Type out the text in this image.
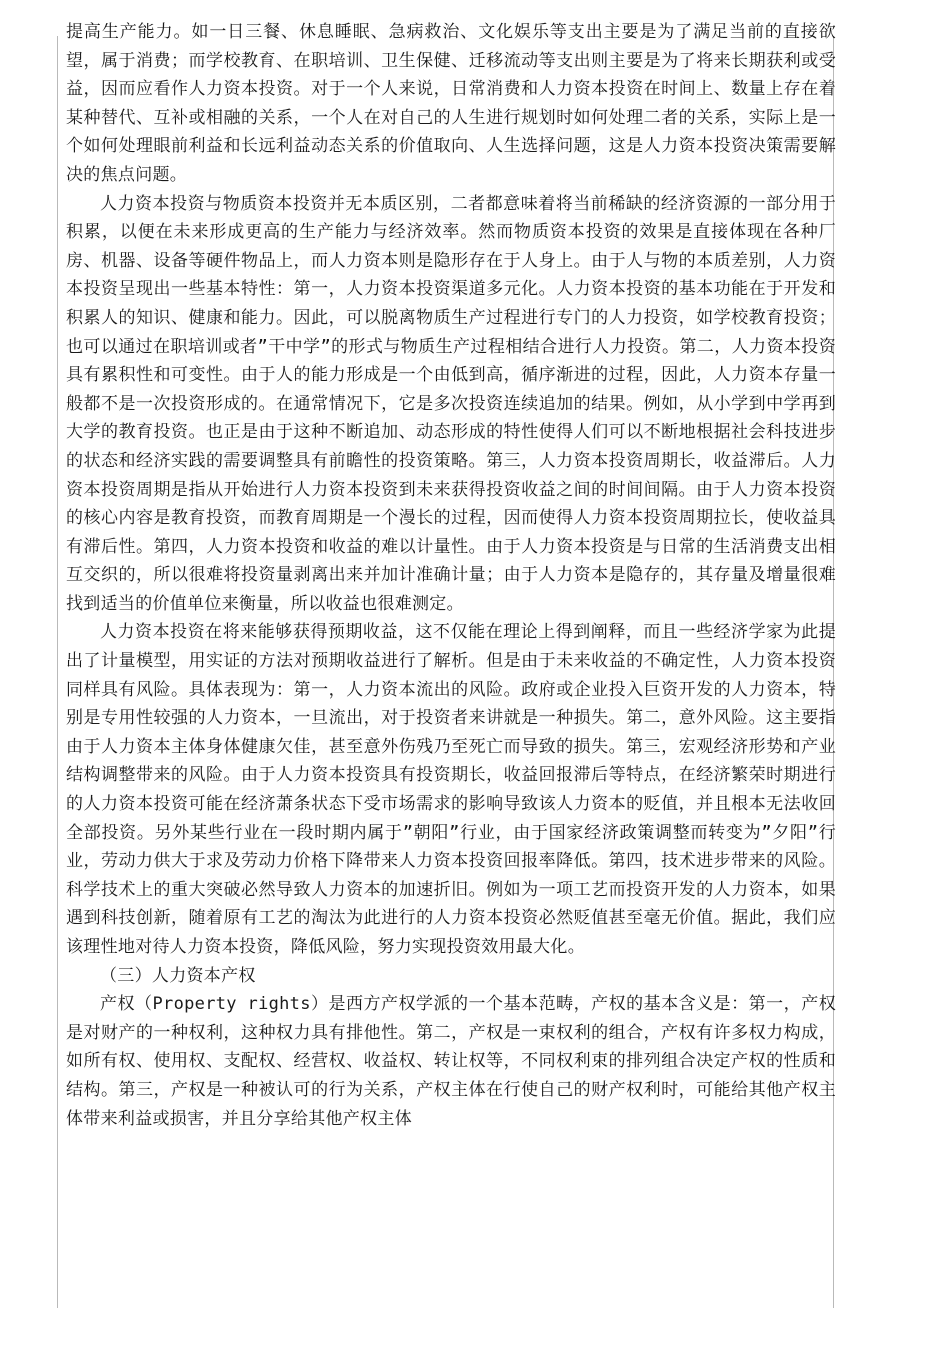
提高生产能力。如一日三餐、休息睡眠、急病救治、文化娱乐等支出主要是为了满足当前的直接欲望，属于消费；而学校教育、在职培训、卫生保健、迁移流动等支出则主要是为了将来长期获利或受益，因而应看作人力资本投资。对于一个人来说，日常消费和人力资本投资在时间上、数量上存在着某种替代、互补或相融的关系，一个人在对自己的人生进行规划时如何处理二者的关系，实际上是一个如何处理眼前利益和长远利益动态关系的价值取向、人生选择问题，这是人力资本投资决策需要解决的焦点问题。

人力资本投资与物质资本投资并无本质区别，二者都意味着将当前稀缺的经济资源的一部分用于积累，以便在未来形成更高的生产能力与经济效率。然而物质资本投资的效果是直接体现在各种厂房、机器、设备等硬件物品上，而人力资本则是隐形存在于人身上。由于人与物的本质差别，人力资本投资呈现出一些基本特性：第一，人力资本投资渠道多元化。人力资本投资的基本功能在于开发和积累人的知识、健康和能力。因此，可以脱离物质生产过程进行专门的人力投资，如学校教育投资；也可以通过在职培训或者”干中学”的形式与物质生产过程相结合进行人力投资。第二，人力资本投资具有累积性和可变性。由于人的能力形成是一个由低到高，循序渐进的过程，因此，人力资本存量一般都不是一次投资形成的。在通常情况下，它是多次投资连续追加的结果。例如，从小学到中学再到大学的教育投资。也正是由于这种不断追加、动态形成的特性使得人们可以不断地根据社会科技进步的状态和经济实践的需要调整具有前瞻性的投资策略。第三，人力资本投资周期长，收益滞后。人力资本投资周期是指从开始进行人力资本投资到未来获得投资收益之间的时间间隔。由于人力资本投资的核心内容是教育投资，而教育周期是一个漫长的过程，因而使得人力资本投资周期拉长，使收益具有滞后性。第四，人力资本投资和收益的难以计量性。由于人力资本投资是与日常的生活消费支出相互交织的，所以很难将投资量剥离出来并加计准确计量；由于人力资本是隐存的，其存量及增量很难找到适当的价值单位来衡量，所以收益也很难测定。

人力资本投资在将来能够获得预期收益，这不仅能在理论上得到阐释，而且一些经济学家为此提出了计量模型，用实证的方法对预期收益进行了解析。但是由于未来收益的不确定性，人力资本投资同样具有风险。具体表现为：第一，人力资本流出的风险。政府或企业投入巨资开发的人力资本，特别是专用性较强的人力资本，一旦流出，对于投资者来讲就是一种损失。第二，意外风险。这主要指由于人力资本主体身体健康欠佳，甚至意外伤残乃至死亡而导致的损失。第三，宏观经济形势和产业结构调整带来的风险。由于人力资本投资具有投资期长，收益回报滞后等特点，在经济繁荣时期进行的人力资本投资可能在经济萧条状态下受市场需求的影响导致该人力资本的贬值，并且根本无法收回全部投资。另外某些行业在一段时期内属于”朝阳”行业，由于国家经济政策调整而转变为”夕阳”行业，劳动力供大于求及劳动力价格下降带来人力资本投资回报率降低。第四，技术进步带来的风险。科学技术上的重大突破必然导致人力资本的加速折旧。例如为一项工艺而投资开发的人力资本，如果遇到科技创新，随着原有工艺的淘汰为此进行的人力资本投资必然贬值甚至毫无价值。据此，我们应该理性地对待人力资本投资，降低风险，努力实现投资效用最大化。

（三）人力资本产权

产权（Property rights）是西方产权学派的一个基本范畴，产权的基本含义是：第一，产权是对财产的一种权利，这种权力具有排他性。第二，产权是一束权利的组合，产权有许多权力构成，如所有权、使用权、支配权、经营权、收益权、转让权等，不同权利束的排列组合决定产权的性质和结构。第三，产权是一种被认可的行为关系，产权主体在行使自己的财产权利时，可能给其他产权主体带来利益或损害，并且分享给其他产权主体
